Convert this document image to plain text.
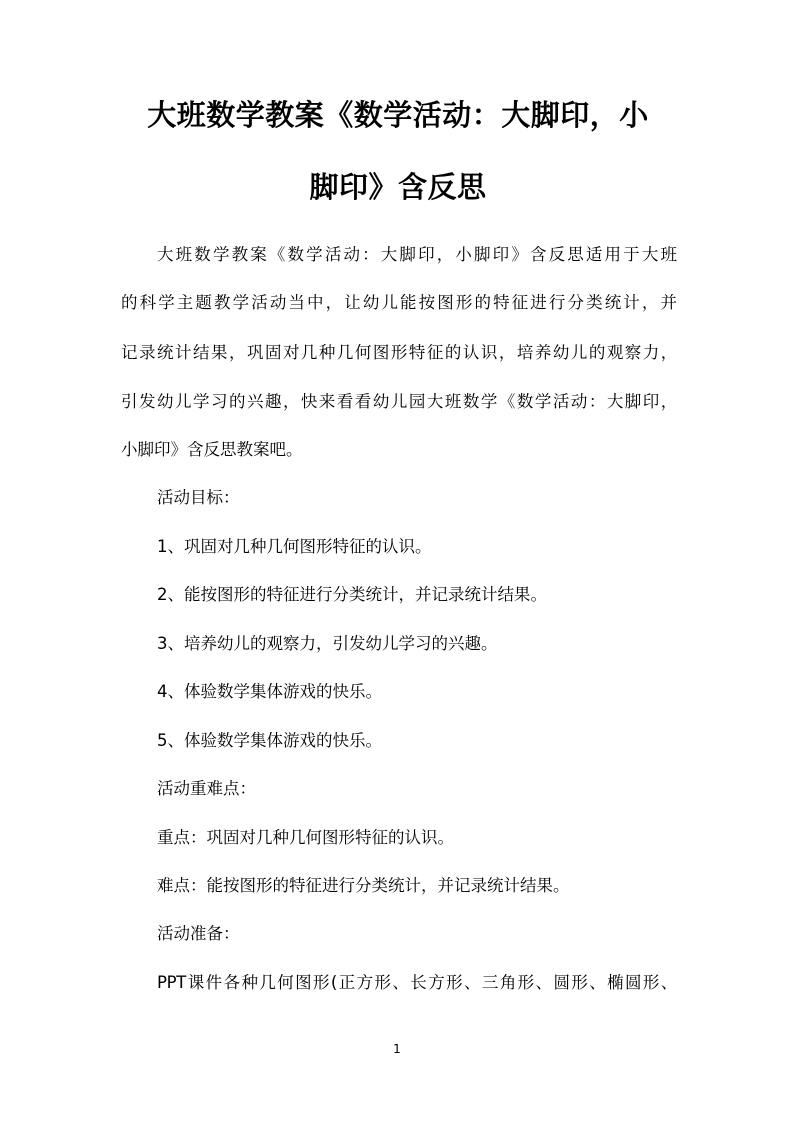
大班数学教案《数学活动：大脚印，小
脚印》含反思
大班数学教案《数学活动：大脚印，小脚印》含反思适用于大班
的科学主题教学活动当中，让幼儿能按图形的特征进行分类统计，并
记录统计结果，巩固对几种几何图形特征的认识，培养幼儿的观察力，
引发幼儿学习的兴趣，快来看看幼儿园大班数学《数学活动：大脚印，
小脚印》含反思教案吧。
活动目标：
1、巩固对几种几何图形特征的认识。
2、能按图形的特征进行分类统计，并记录统计结果。
3、培养幼儿的观察力，引发幼儿学习的兴趣。
4、体验数学集体游戏的快乐。
5、体验数学集体游戏的快乐。
活动重难点：
重点：巩固对几种几何图形特征的认识。
难点：能按图形的特征进行分类统计，并记录统计结果。
活动准备：
PPT课件各种几何图形(正方形、长方形、三角形、圆形、椭圆形、
1
